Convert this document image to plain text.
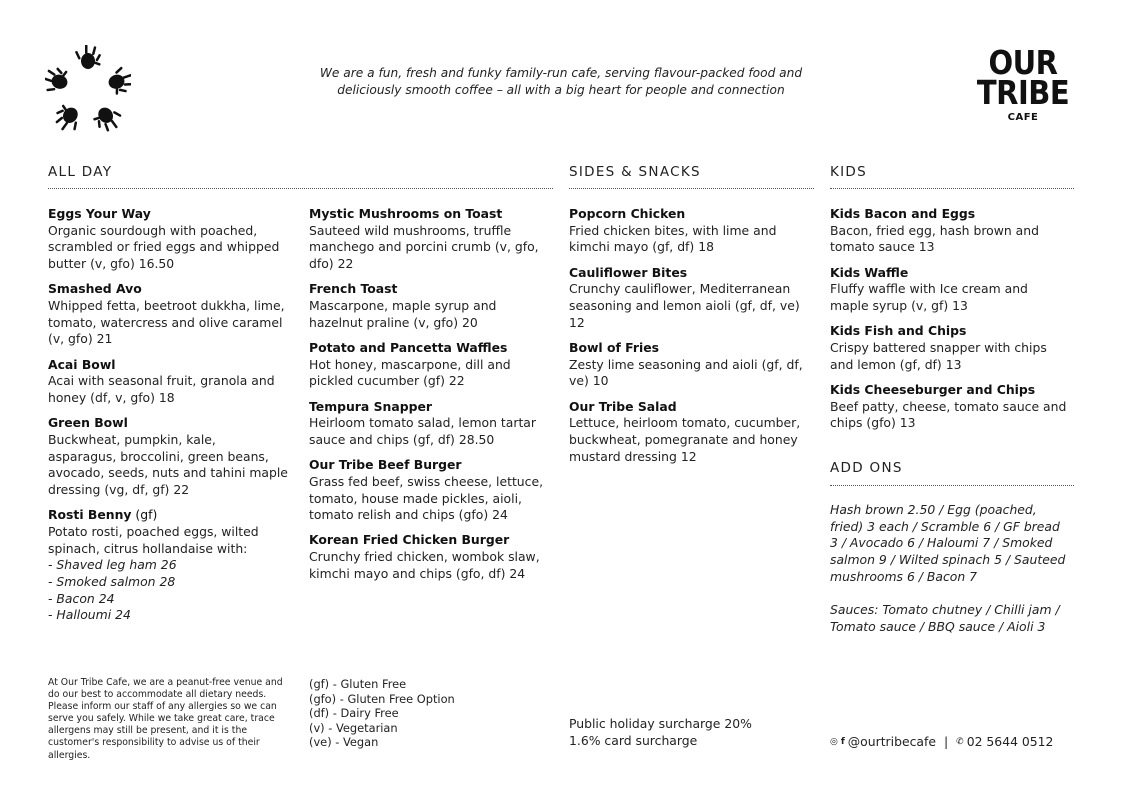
We are a fun, fresh and funky family-run cafe, serving flavour-packed food and
deliciously smooth coffee – all with a big heart for people and connection
OUR
TRIBE
CAFE
ALL DAY	SIDES & SNACKS	KIDS
Eggs Your Way
Organic sourdough with poached, scrambled or fried eggs and whipped butter (v, gfo) 16.50
Smashed Avo
Whipped fetta, beetroot dukkha, lime, tomato, watercress and olive caramel (v, gfo) 21
Acai Bowl
Acai with seasonal fruit, granola and honey (df, v, gfo) 18
Green Bowl
Buckwheat, pumpkin, kale, asparagus, broccolini, green beans, avocado, seeds, nuts and tahini maple dressing (vg, df, gf) 22
Rosti Benny (gf)
Potato rosti, poached eggs, wilted spinach, citrus hollandaise with:
- Shaved leg ham 26
- Smoked salmon 28
- Bacon 24
- Halloumi 24
Mystic Mushrooms on Toast
Sauteed wild mushrooms, truffle manchego and porcini crumb (v, gfo, dfo) 22
French Toast
Mascarpone, maple syrup and hazelnut praline (v, gfo) 20
Potato and Pancetta Waffles
Hot honey, mascarpone, dill and pickled cucumber (gf) 22
Tempura Snapper
Heirloom tomato salad, lemon tartar sauce and chips (gf, df) 28.50
Our Tribe Beef Burger
Grass fed beef, swiss cheese, lettuce, tomato, house made pickles, aioli, tomato relish and chips (gfo) 24
Korean Fried Chicken Burger
Crunchy fried chicken, wombok slaw, kimchi mayo and chips (gfo, df) 24
Popcorn Chicken
Fried chicken bites, with lime and kimchi mayo (gf, df) 18
Cauliflower Bites
Crunchy cauliflower, Mediterranean seasoning and lemon aioli (gf, df, ve) 12
Bowl of Fries
Zesty lime seasoning and aioli (gf, df, ve) 10
Our Tribe Salad
Lettuce, heirloom tomato, cucumber, buckwheat, pomegranate and honey mustard dressing 12
Kids Bacon and Eggs
Bacon, fried egg, hash brown and tomato sauce 13
Kids Waffle
Fluffy waffle with Ice cream and maple syrup (v, gf) 13
Kids Fish and Chips
Crispy battered snapper with chips and lemon (gf, df) 13
Kids Cheeseburger and Chips
Beef patty, cheese, tomato sauce and chips (gfo) 13
ADD ONS
Hash brown 2.50 / Egg (poached, fried) 3 each / Scramble 6 / GF bread 3 / Avocado 6 / Haloumi 7 / Smoked salmon 9 / Wilted spinach 5 / Sauteed mushrooms 6 / Bacon 7
Sauces: Tomato chutney / Chilli jam / Tomato sauce / BBQ sauce / Aioli 3
At Our Tribe Cafe, we are a peanut-free venue and do our best to accommodate all dietary needs. Please inform our staff of any allergies so we can serve you safely. While we take great care, trace allergens may still be present, and it is the customer's responsibility to advise us of their allergies.
(gf) - Gluten Free
(gfo) - Gluten Free Option
(df) - Dairy Free
(v) - Vegetarian
(ve) - Vegan
Public holiday surcharge 20%
1.6% card surcharge	◎ f @ourtribecafe | ✆ 02 5644 0512
